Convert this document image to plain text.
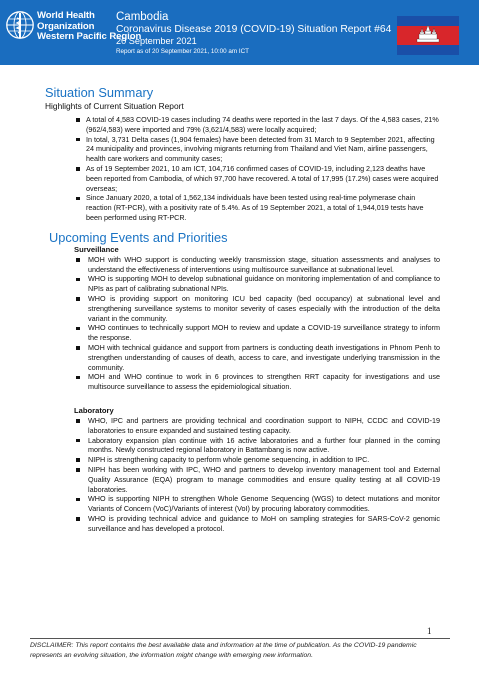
World Health
Organization
Western Pacific Region
Cambodia
Coronavirus Disease 2019 (COVID-19) Situation Report #64
20 September 2021
Report as of 20 September 2021, 10:00 am ICT
Situation Summary
Highlights of Current Situation Report
A total of 4,583 COVID-19 cases including 74 deaths were reported in the last 7 days. Of the 4,583 cases, 21% (962/4,583) were imported and 79% (3,621/4,583) were locally acquired;
In total, 3,731 Delta cases (1,904 females) have been detected from 31 March to 9 September 2021, affecting 24 municipality and provinces, involving migrants returning from Thailand and Viet Nam, airline passengers, health care workers and community cases;
As of 19 September 2021, 10 am ICT, 104,716 confirmed cases of COVID-19, including 2,123 deaths have been reported from Cambodia, of which 97,700 have recovered. A total of 17,995 (17.2%) cases were acquired overseas;
Since January 2020, a total of 1,562,134 individuals have been tested using real-time polymerase chain reaction (RT-PCR), with a positivity rate of 5.4%. As of 19 September 2021, a total of 1,944,019 tests have been performed using RT-PCR.
Upcoming Events and Priorities
Surveillance
MOH with WHO support is conducting weekly transmission stage, situation assessments and analyses to understand the effectiveness of interventions using multisource surveillance at subnational level.
WHO is supporting MOH to develop subnational guidance on monitoring implementation of and compliance to NPIs as part of calibrating subnational NPIs.
WHO is providing support on monitoring ICU bed capacity (bed occupancy) at subnational level and strengthening surveillance systems to monitor severity of cases especially with the introduction of the delta variant in the community.
WHO continues to technically support MOH to review and update a COVID-19 surveillance strategy to inform the response.
MOH with technical guidance and support from partners is conducting death investigations in Phnom Penh to strengthen understanding of causes of death, access to care, and investigate underlying transmission in the community.
MOH and WHO continue to work in 6 provinces to strengthen RRT capacity for investigations and use multisource surveillance to assess the epidemiological situation.
Laboratory
WHO, IPC and partners are providing technical and coordination support to NIPH, CCDC and COVID-19 laboratories to ensure expanded and sustained testing capacity.
Laboratory expansion plan continue with 16 active laboratories and a further four planned in the coming months. Newly constructed regional laboratory in Battambang is now active.
NIPH is strengthening capacity to perform whole genome sequencing, in addition to IPC.
NIPH has been working with IPC, WHO and partners to develop inventory management tool and External Quality Assurance (EQA) program to manage commodities and ensure quality testing at all COVID-19 laboratories.
WHO is supporting NIPH to strengthen Whole Genome Sequencing (WGS) to detect mutations and monitor Variants of Concern (VoC)/Variants of interest (VoI) by procuring laboratory commodities.
WHO is providing technical advice and guidance to MoH on sampling strategies for SARS-CoV-2 genomic surveillance and has developed a protocol.
1
DISCLAIMER: This report contains the best available data and information at the time of publication. As the COVID-19 pandemic represents an evolving situation, the information might change with emerging new information.
